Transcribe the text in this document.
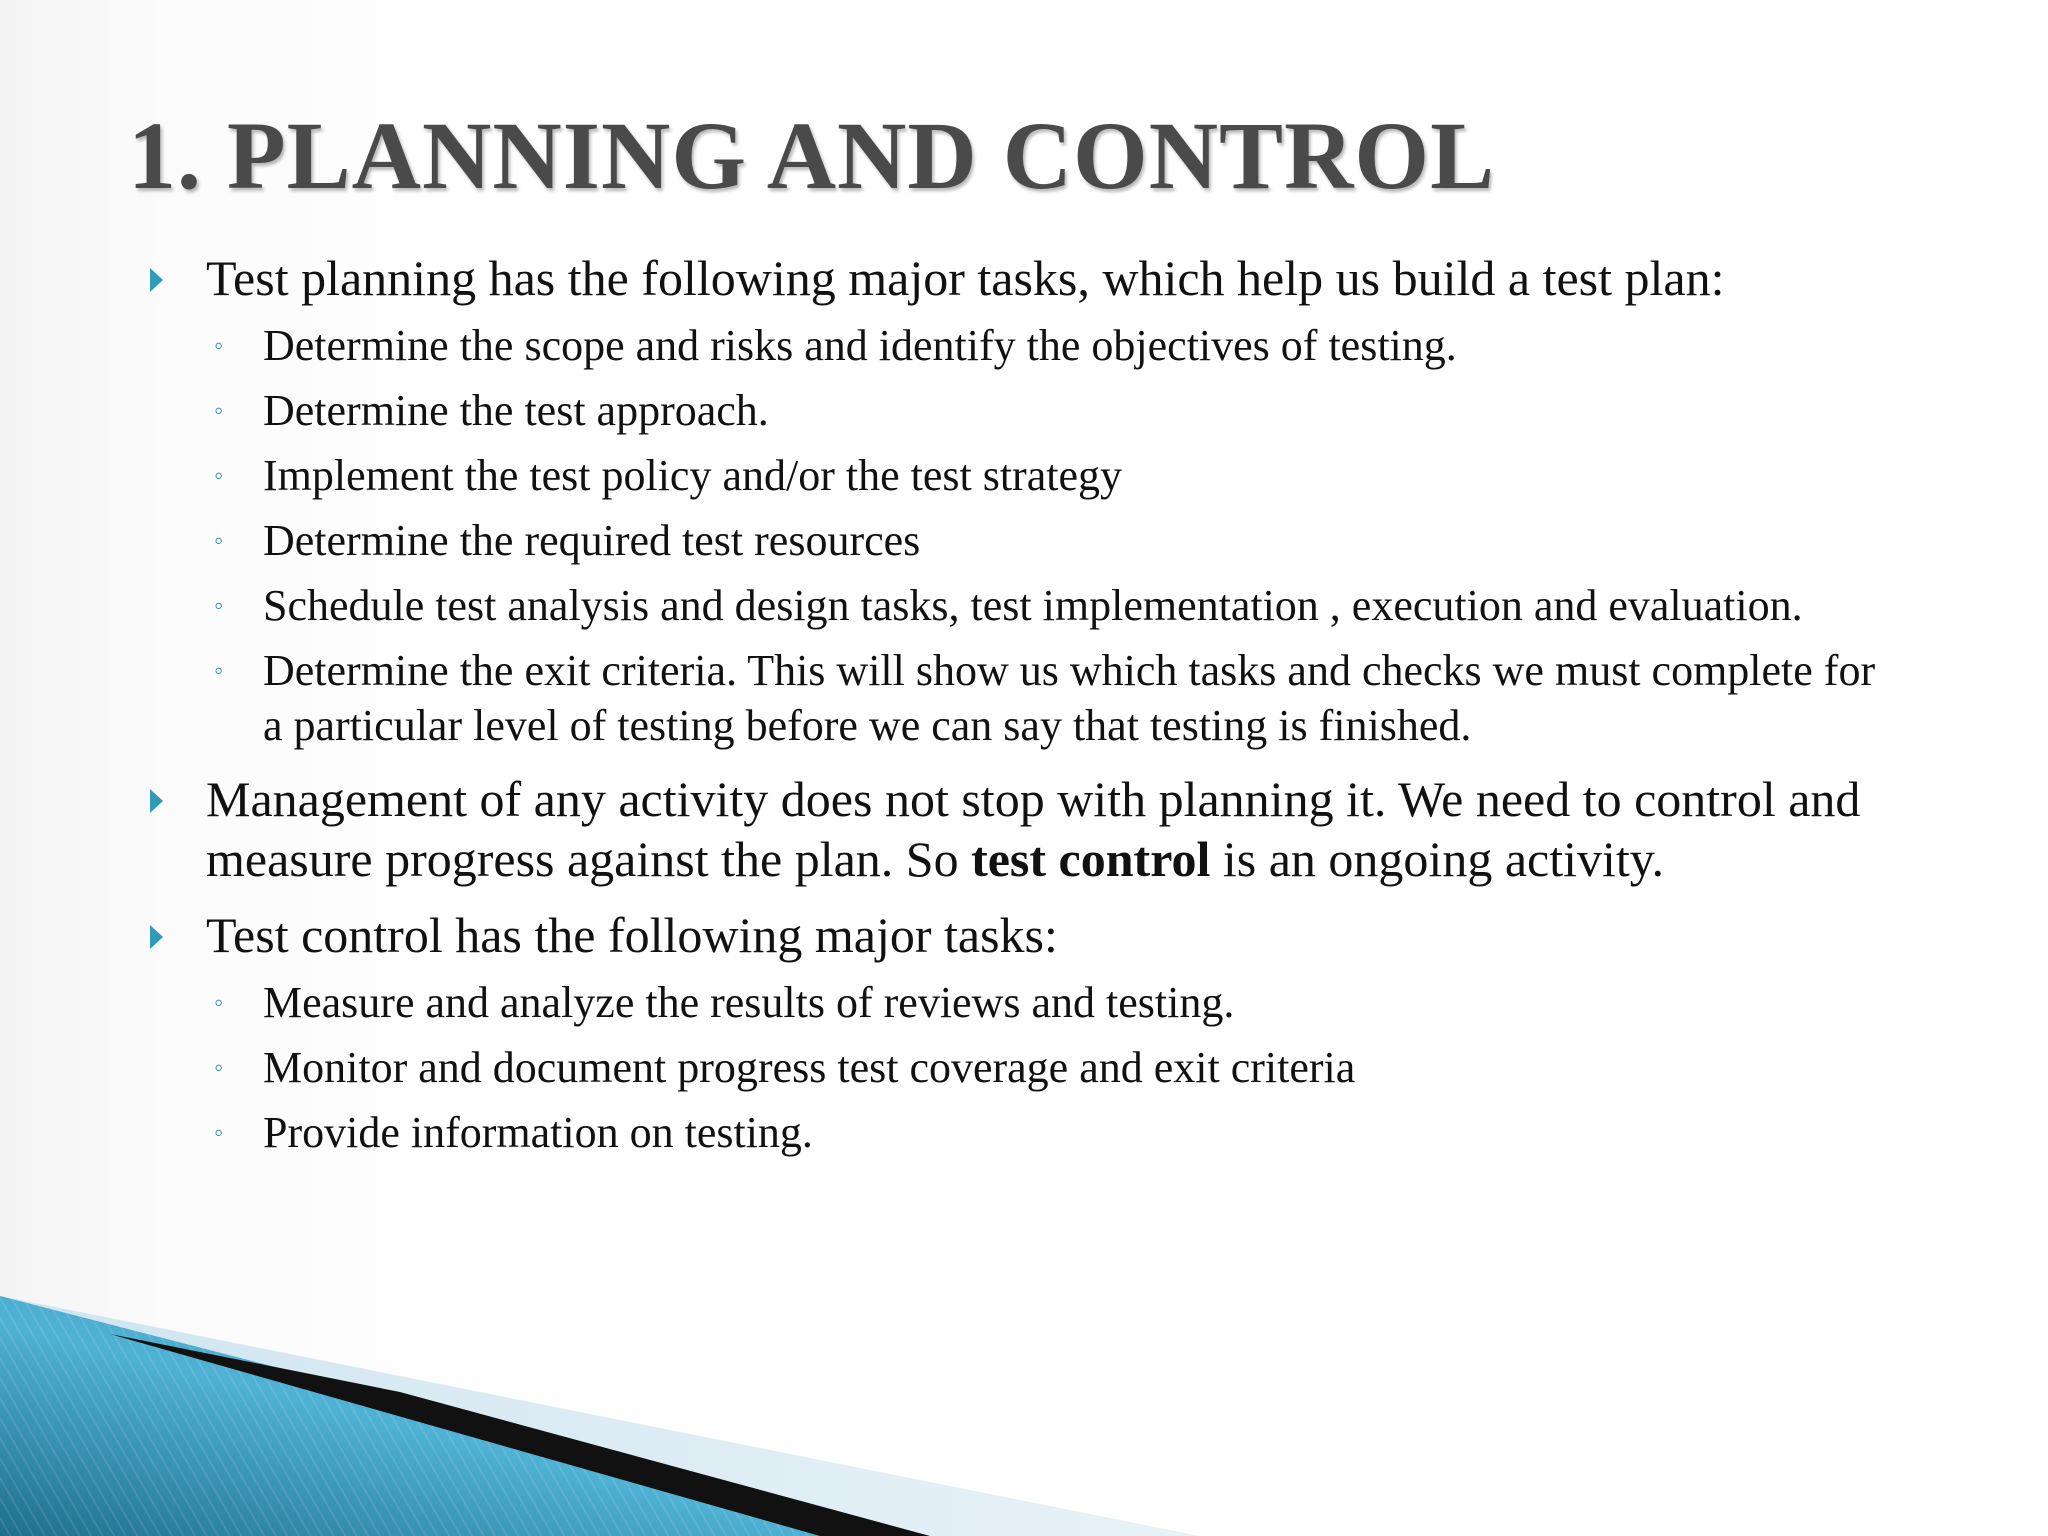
1. PLANNING AND CONTROL
Test planning has the following major tasks, which help us build a test plan:
◦ Determine the scope and risks and identify the objectives of testing.
◦ Determine the test approach.
◦ Implement the test policy and/or the test strategy
◦ Determine the required test resources
◦ Schedule test analysis and design tasks, test implementation , execution and evaluation.
◦ Determine the exit criteria. This will show us which tasks and checks we must complete for a particular level of testing before we can say that testing is finished.
Management of any activity does not stop with planning it. We need to control and measure progress against the plan. So test control is an ongoing activity.
Test control has the following major tasks:
◦ Measure and analyze the results of reviews and testing.
◦ Monitor and document progress test coverage and exit criteria
◦ Provide information on testing.
